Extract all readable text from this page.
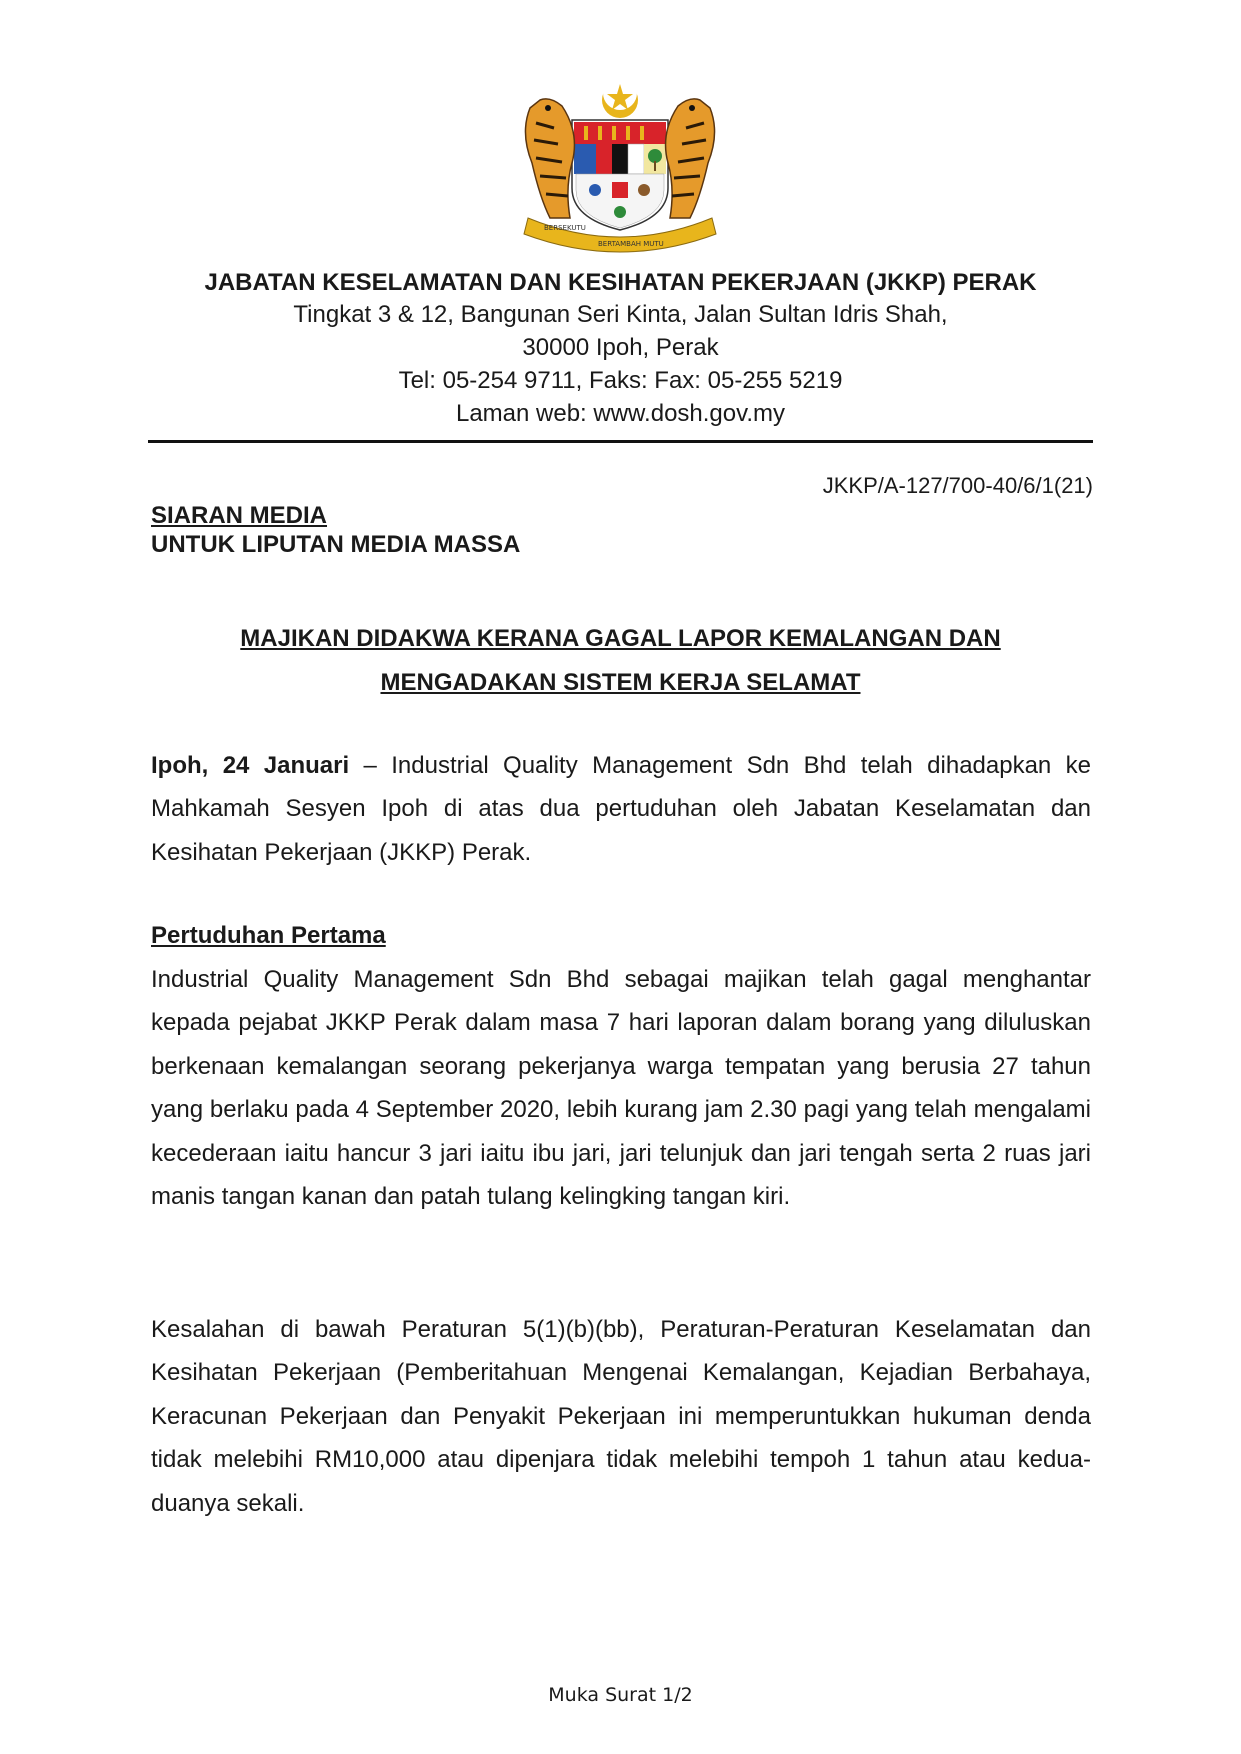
BERSEKUTU
BERTAMBAH MUTU

JABATAN KESELAMATAN DAN KESIHATAN PEKERJAAN (JKKP) PERAK

Tingkat 3 & 12, Bangunan Seri Kinta, Jalan Sultan Idris Shah,

30000 Ipoh, Perak

Tel: 05-254 9711, Faks: Fax: 05-255 5219

Laman web: www.dosh.gov.my

JKKP/A-127/700-40/6/1(21)
SIARAN MEDIA
UNTUK LIPUTAN MEDIA MASSA
MAJIKAN DIDAKWA KERANA GAGAL LAPOR KEMALANGAN DAN
MENGADAKAN SISTEM KERJA SELAMAT

Ipoh, 24 Januari – Industrial Quality Management Sdn Bhd telah dihadapkan ke Mahkamah Sesyen Ipoh di atas dua pertuduhan oleh Jabatan Keselamatan dan Kesihatan Pekerjaan (JKKP) Perak.

Pertuduhan Pertama

Industrial Quality Management Sdn Bhd sebagai majikan telah gagal menghantar kepada pejabat JKKP Perak dalam masa 7 hari laporan dalam borang yang diluluskan berkenaan kemalangan seorang pekerjanya warga tempatan yang berusia 27 tahun yang berlaku pada 4 September 2020, lebih kurang jam 2.30 pagi yang telah mengalami kecederaan iaitu hancur 3 jari iaitu ibu jari, jari telunjuk dan jari tengah serta 2 ruas jari manis tangan kanan dan patah tulang kelingking tangan kiri.

Kesalahan di bawah Peraturan 5(1)(b)(bb), Peraturan-Peraturan Keselamatan dan Kesihatan Pekerjaan (Pemberitahuan Mengenai Kemalangan, Kejadian Berbahaya, Keracunan Pekerjaan dan Penyakit Pekerjaan ini memperuntukkan hukuman denda tidak melebihi RM10,000 atau dipenjara tidak melebihi tempoh 1 tahun atau kedua-duanya sekali.

Muka Surat 1/2
